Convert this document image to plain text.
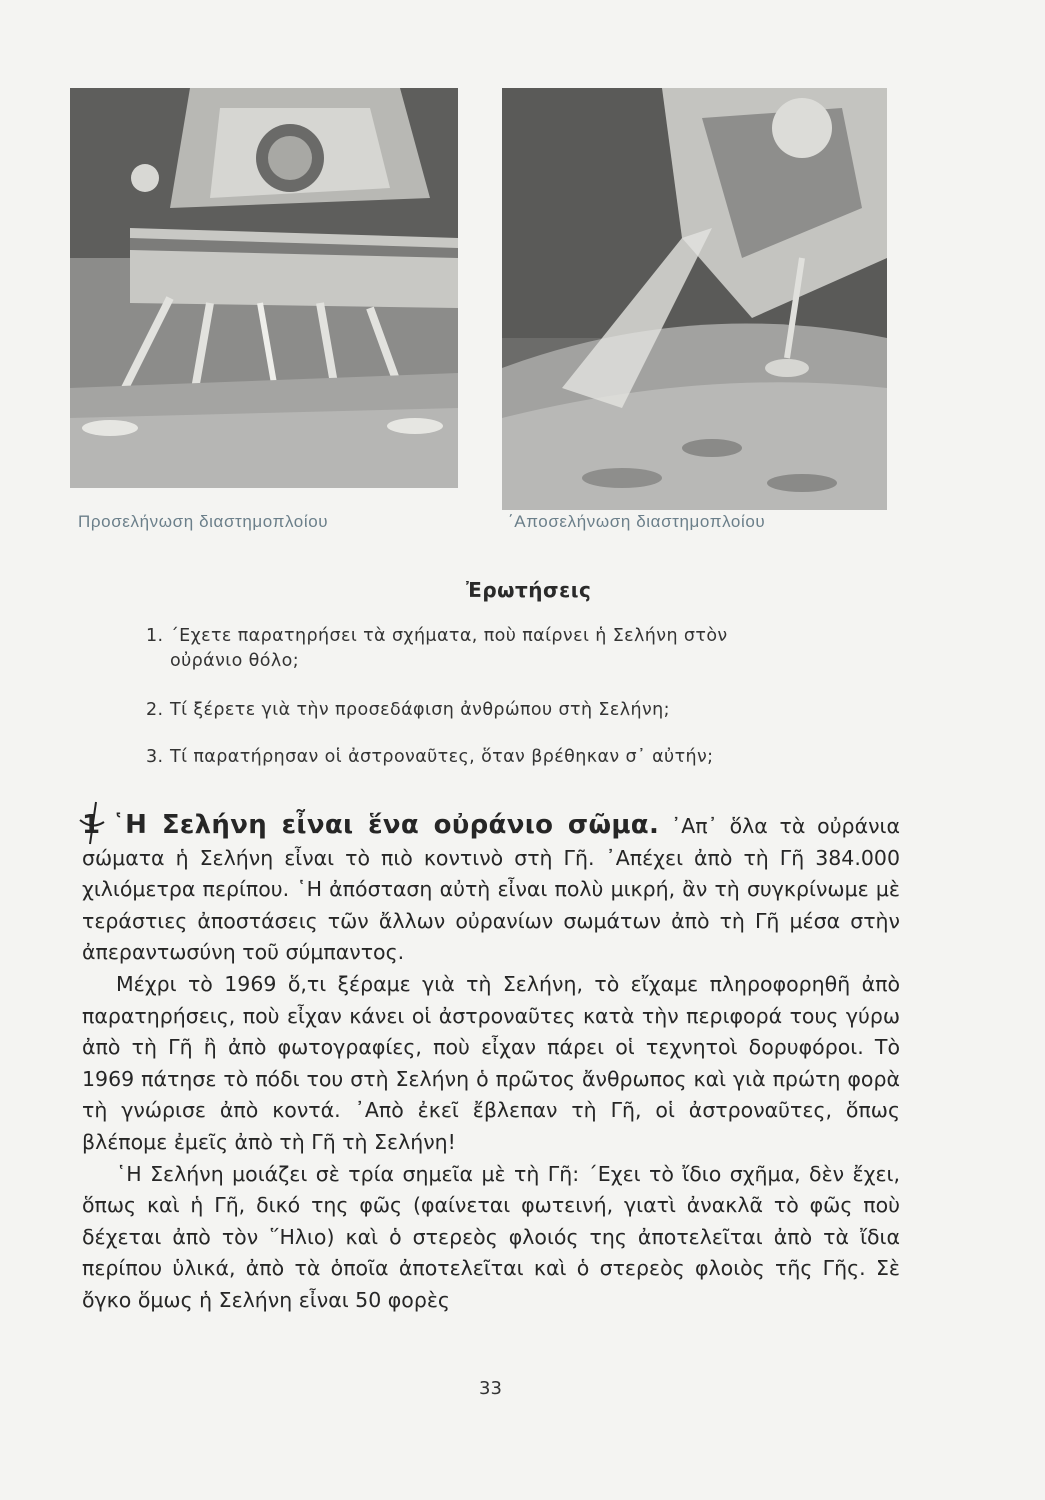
Προσελήνωση διαστημοπλοίου	΄Αποσελήνωση διαστημοπλοίου
Ἐρωτήσεις
1. ΄Εχετε παρατηρήσει τὰ σχήματα, ποὺ παίρνει ἡ Σελήνη στὸν
οὐράνιο θόλο;
2. Τί ξέρετε γιὰ τὴν προσεδάφιση ἀνθρώπου στὴ Σελήνη;
3. Τί παρατήρησαν οἱ ἀστροναῦτες, ὅταν βρέθηκαν σ᾽ αὐτήν;

1 ῾Η Σελήνη εἶναι ἕνα οὐράνιο σῶμα. ᾽Απ᾽ ὅλα τὰ οὐράνια σώματα ἡ Σελήνη εἶναι τὸ πιὸ κοντινὸ στὴ Γῆ. ᾽Απέχει ἀπὸ τὴ Γῆ 384.000 χιλιόμετρα περίπου. ῾Η ἀπόσταση αὐτὴ εἶναι πολὺ μικρή, ἂν τὴ συγκρίνωμε μὲ τεράστιες ἀποστάσεις τῶν ἄλλων οὐρανίων σωμάτων ἀπὸ τὴ Γῆ μέσα στὴν ἀπεραντωσύνη τοῦ σύμπαντος.

Μέχρι τὸ 1969 ὅ,τι ξέραμε γιὰ τὴ Σελήνη, τὸ εἴχαμε πληροφορηθῆ ἀπὸ παρατηρήσεις, ποὺ εἶχαν κάνει οἱ ἀστροναῦτες κατὰ τὴν περιφορά τους γύρω ἀπὸ τὴ Γῆ ἢ ἀπὸ φωτογραφίες, ποὺ εἶχαν πάρει οἱ τεχνητοὶ δορυφόροι. Τὸ 1969 πάτησε τὸ πόδι του στὴ Σελήνη ὁ πρῶτος ἄνθρωπος καὶ γιὰ πρώτη φορὰ τὴ γνώρισε ἀπὸ κοντά. ᾽Απὸ ἐκεῖ ἔβλεπαν τὴ Γῆ, οἱ ἀστροναῦτες, ὅπως βλέπομε ἐμεῖς ἀπὸ τὴ Γῆ τὴ Σελήνη!

῾Η Σελήνη μοιάζει σὲ τρία σημεῖα μὲ τὴ Γῆ: ΄Εχει τὸ ἴδιο σχῆμα, δὲν ἔχει, ὅπως καὶ ἡ Γῆ, δικό της φῶς (φαίνεται φωτεινή, γιατὶ ἀνακλᾶ τὸ φῶς ποὺ δέχεται ἀπὸ τὸν ῞Ηλιο) καὶ ὁ στερεὸς φλοιός της ἀποτελεῖται ἀπὸ τὰ ἴδια περίπου ὑλικά, ἀπὸ τὰ ὁποῖα ἀποτελεῖται καὶ ὁ στερεὸς φλοιὸς τῆς Γῆς. Σὲ ὄγκο ὅμως ἡ Σελήνη εἶναι 50 φορὲς

33
